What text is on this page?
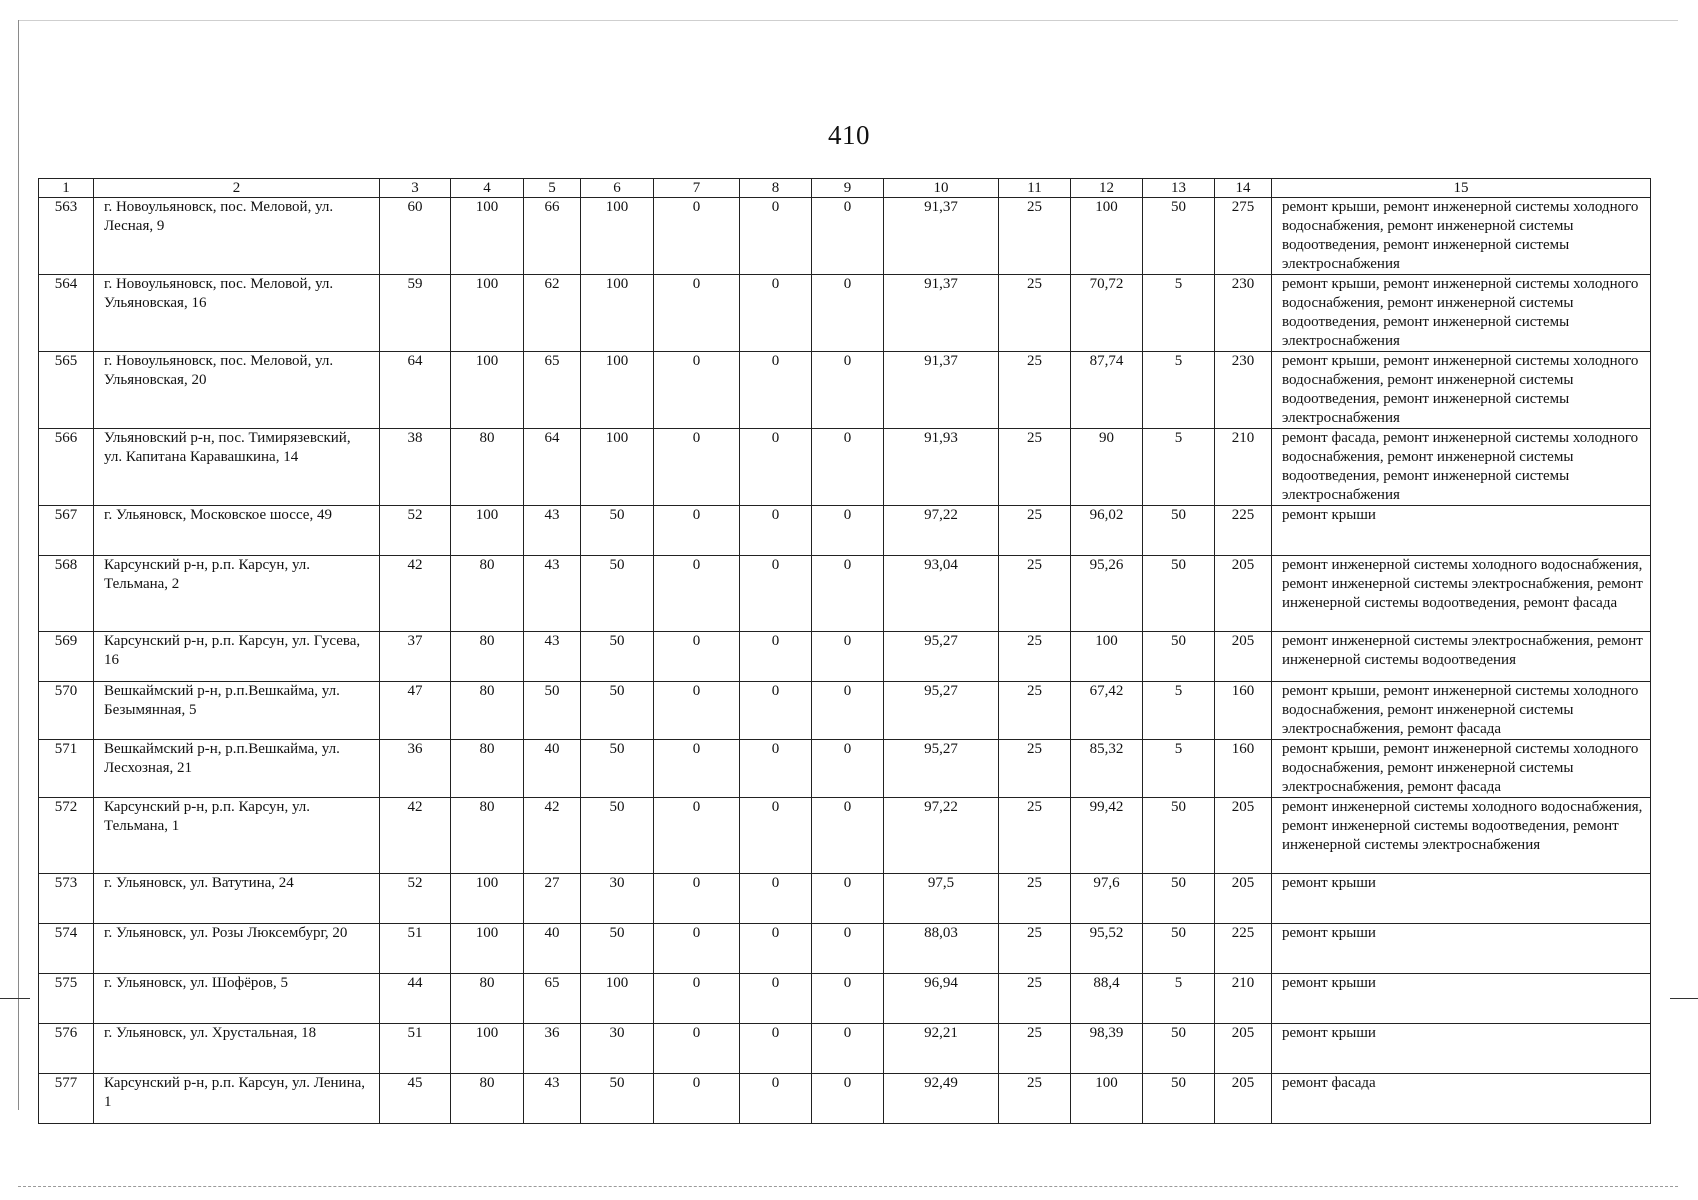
410
1	2	3	4	5	6	7	8	9	10	11	12	13	14	15
563	г. Новоульяновск, пос. Меловой, ул. Лесная, 9	60	100	66	100	0	0	0	91,37	25	100	50	275	ремонт крыши, ремонт инженерной системы холодного водоснабжения, ремонт инженерной системы водоотведения, ремонт инженерной системы электроснабжения
564	г. Новоульяновск, пос. Меловой, ул. Ульяновская, 16	59	100	62	100	0	0	0	91,37	25	70,72	5	230	ремонт крыши, ремонт инженерной системы холодного водоснабжения, ремонт инженерной системы водоотведения, ремонт инженерной системы электроснабжения
565	г. Новоульяновск, пос. Меловой, ул. Ульяновская, 20	64	100	65	100	0	0	0	91,37	25	87,74	5	230	ремонт крыши, ремонт инженерной системы холодного водоснабжения, ремонт инженерной системы водоотведения, ремонт инженерной системы электроснабжения
566	Ульяновский р-н, пос. Тимирязевский, ул. Капитана Каравашкина, 14	38	80	64	100	0	0	0	91,93	25	90	5	210	ремонт фасада, ремонт инженерной системы холодного водоснабжения, ремонт инженерной системы водоотведения, ремонт инженерной системы электроснабжения
567	г. Ульяновск, Московское шоссе, 49	52	100	43	50	0	0	0	97,22	25	96,02	50	225	ремонт крыши
568	Карсунский р-н, р.п. Карсун, ул. Тельмана, 2	42	80	43	50	0	0	0	93,04	25	95,26	50	205	ремонт инженерной системы холодного водоснабжения, ремонт инженерной системы электроснабжения, ремонт инженерной системы водоотведения, ремонт фасада
569	Карсунский р-н, р.п. Карсун, ул. Гусева, 16	37	80	43	50	0	0	0	95,27	25	100	50	205	ремонт инженерной системы электроснабжения, ремонт инженерной системы водоотведения
570	Вешкаймский р-н, р.п.Вешкайма, ул. Безымянная, 5	47	80	50	50	0	0	0	95,27	25	67,42	5	160	ремонт крыши, ремонт инженерной системы холодного водоснабжения, ремонт инженерной системы электроснабжения, ремонт фасада
571	Вешкаймский р-н, р.п.Вешкайма, ул. Лесхозная, 21	36	80	40	50	0	0	0	95,27	25	85,32	5	160	ремонт крыши, ремонт инженерной системы холодного водоснабжения, ремонт инженерной системы электроснабжения, ремонт фасада
572	Карсунский р-н, р.п. Карсун, ул. Тельмана, 1	42	80	42	50	0	0	0	97,22	25	99,42	50	205	ремонт инженерной системы холодного водоснабжения, ремонт инженерной системы водоотведения, ремонт инженерной системы электроснабжения
573	г. Ульяновск, ул. Ватутина, 24	52	100	27	30	0	0	0	97,5	25	97,6	50	205	ремонт крыши
574	г. Ульяновск, ул. Розы Люксембург, 20	51	100	40	50	0	0	0	88,03	25	95,52	50	225	ремонт крыши
575	г. Ульяновск, ул. Шофёров, 5	44	80	65	100	0	0	0	96,94	25	88,4	5	210	ремонт крыши
576	г. Ульяновск, ул. Хрустальная, 18	51	100	36	30	0	0	0	92,21	25	98,39	50	205	ремонт крыши
577	Карсунский р-н, р.п. Карсун, ул. Ленина, 1	45	80	43	50	0	0	0	92,49	25	100	50	205	ремонт фасада
